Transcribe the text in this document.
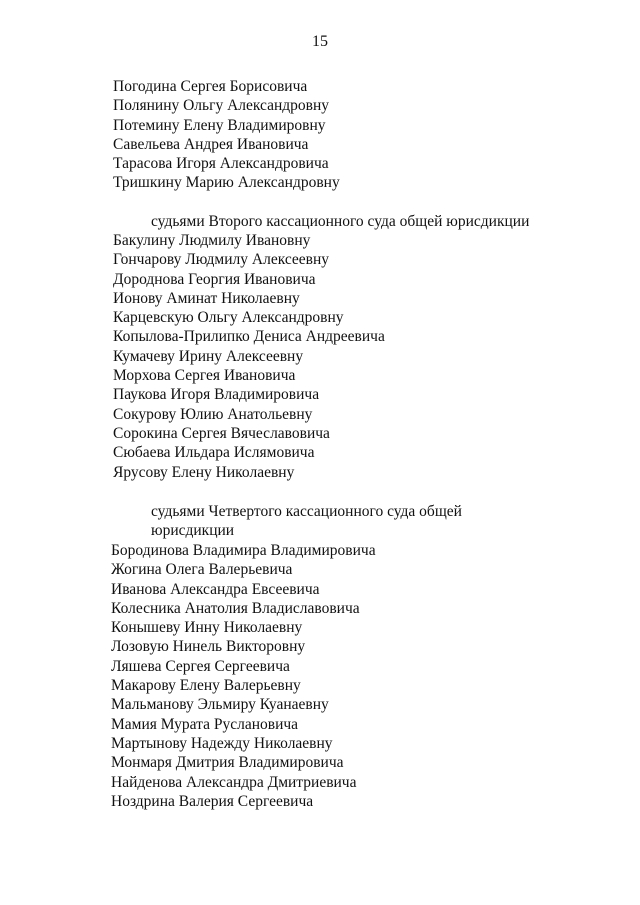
15
Погодина Сергея Борисовича
Полянину Ольгу Александровну
Потемину Елену Владимировну
Савельева Андрея Ивановича
Тарасова Игоря Александровича
Тришкину Марию Александровну

судьями Второго кассационного суда общей юрисдикции

Бакулину Людмилу Ивановну
Гончарову Людмилу Алексеевну
Дороднова Георгия Ивановича
Ионову Аминат Николаевну
Карцевскую Ольгу Александровну
Копылова-Прилипко Дениса Андреевича
Кумачеву Ирину Алексеевну
Морхова Сергея Ивановича
Паукова Игоря Владимировича
Сокурову Юлию Анатольевну
Сорокина Сергея Вячеславовича
Сюбаева Ильдара Ислямовича
Ярусову Елену Николаевну

судьями Четвертого кассационного суда общей юрисдикции

Бородинова Владимира Владимировича
Жогина Олега Валерьевича
Иванова Александра Евсеевича
Колесника Анатолия Владиславовича
Конышеву Инну Николаевну
Лозовую Нинель Викторовну
Ляшева Сергея Сергеевича
Макарову Елену Валерьевну
Мальманову Эльмиру Куанаевну
Мамия Мурата Руслановича
Мартынову Надежду Николаевну
Монмаря Дмитрия Владимировича
Найденова Александра Дмитриевича
Ноздрина Валерия Сергеевича
